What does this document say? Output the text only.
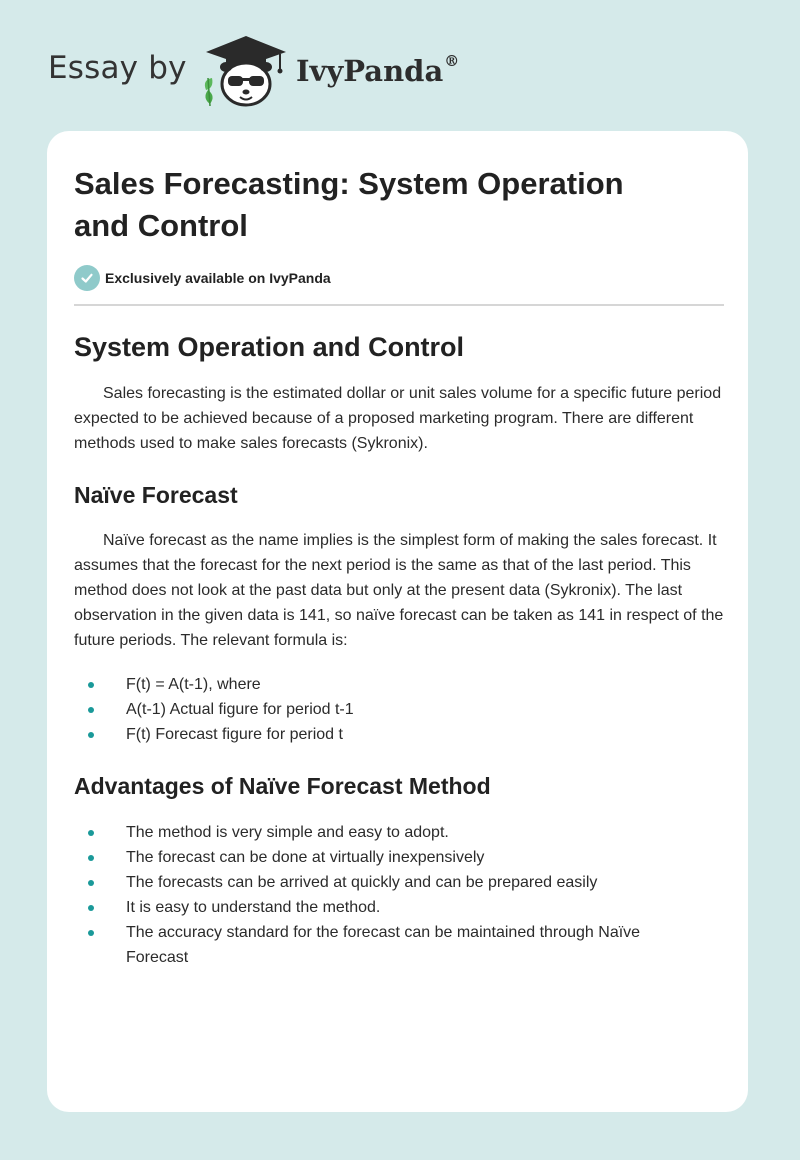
Essay by	IvyPanda®
Sales Forecasting: System Operation
and Control
Exclusively available on IvyPanda
System Operation and Control

Sales forecasting is the estimated dollar or unit sales volume for a specific future period expected to be achieved because of a proposed marketing program. There are different methods used to make sales forecasts (Sykronix).

Naïve Forecast

Naïve forecast as the name implies is the simplest form of making the sales forecast. It assumes that the forecast for the next period is the same as that of the last period. This method does not look at the past data but only at the present data (Sykronix). The last observation in the given data is 141, so naïve forecast can be taken as 141 in respect of the future periods. The relevant formula is:

F(t) = A(t-1), where
A(t-1) Actual figure for period t-1
F(t) Forecast figure for period t
Advantages of Naïve Forecast Method
The method is very simple and easy to adopt.
The forecast can be done at virtually inexpensively
The forecasts can be arrived at quickly and can be prepared easily
It is easy to understand the method.
The accuracy standard for the forecast can be maintained through Naïve Forecast
